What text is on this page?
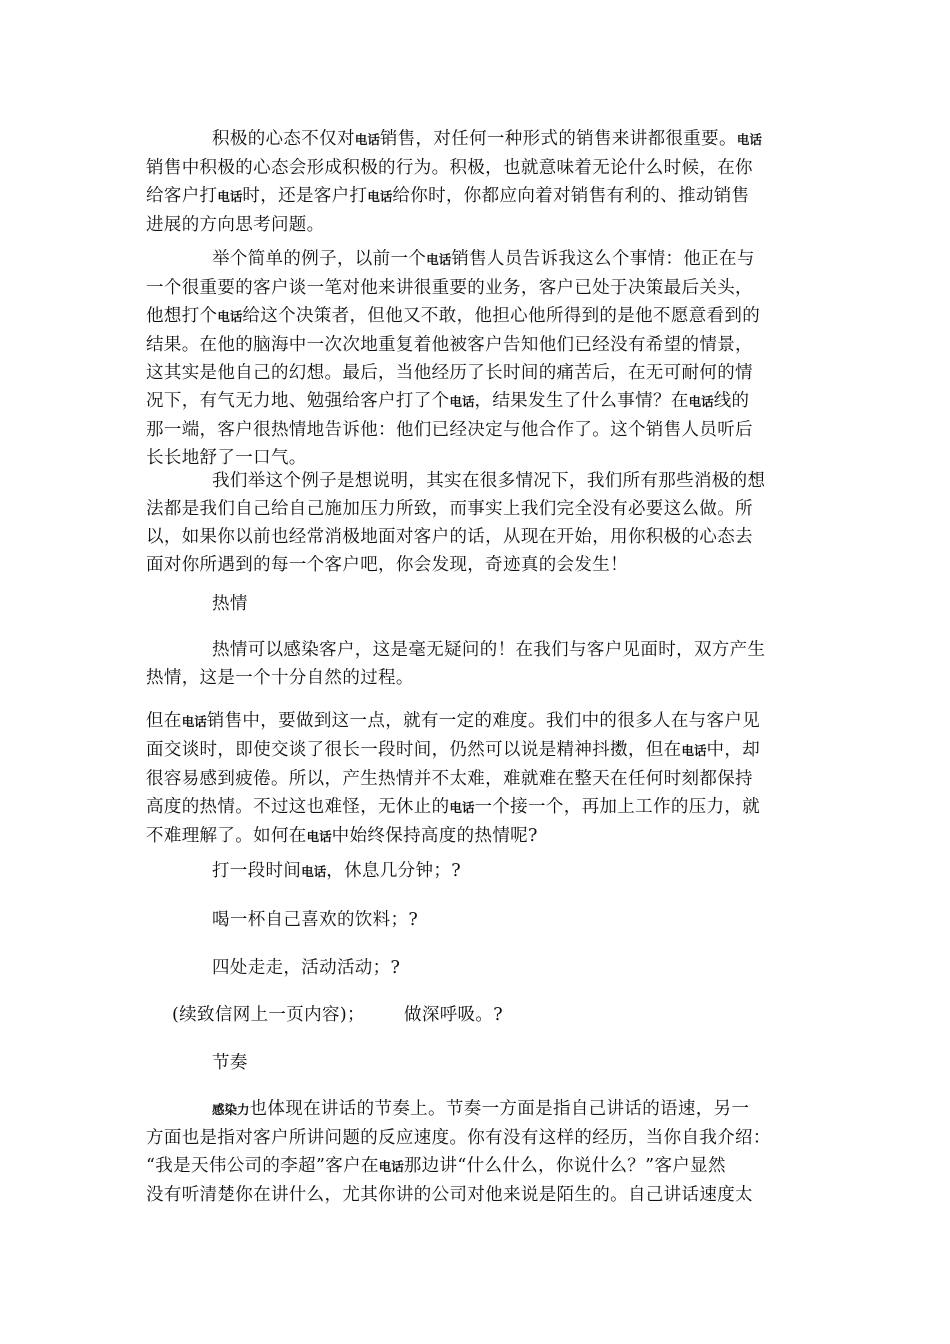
积极的心态不仅对电话销售，对任何一种形式的销售来讲都很重要。电话
销售中积极的心态会形成积极的行为。积极，也就意味着无论什么时候，在你
给客户打电话时，还是客户打电话给你时，你都应向着对销售有利的、推动销售
进展的方向思考问题。
举个简单的例子，以前一个电话销售人员告诉我这么个事情：他正在与
一个很重要的客户谈一笔对他来讲很重要的业务，客户已处于决策最后关头，
他想打个电话给这个决策者，但他又不敢，他担心他所得到的是他不愿意看到的
结果。在他的脑海中一次次地重复着他被客户告知他们已经没有希望的情景，
这其实是他自己的幻想。最后，当他经历了长时间的痛苦后，在无可耐何的情
况下，有气无力地、勉强给客户打了个电话，结果发生了什么事情？在电话线的
那一端，客户很热情地告诉他：他们已经决定与他合作了。这个销售人员听后
长长地舒了一口气。
我们举这个例子是想说明，其实在很多情况下，我们所有那些消极的想
法都是我们自己给自己施加压力所致，而事实上我们完全没有必要这么做。所
以，如果你以前也经常消极地面对客户的话，从现在开始，用你积极的心态去
面对你所遇到的每一个客户吧，你会发现，奇迹真的会发生！
热情
热情可以感染客户，这是毫无疑问的！在我们与客户见面时，双方产生
热情，这是一个十分自然的过程。
但在电话销售中，要做到这一点，就有一定的难度。我们中的很多人在与客户见
面交谈时，即使交谈了很长一段时间，仍然可以说是精神抖擞，但在电话中，却
很容易感到疲倦。所以，产生热情并不太难，难就难在整天在任何时刻都保持
高度的热情。不过这也难怪，无休止的电话一个接一个，再加上工作的压力，就
不难理解了。如何在电话中始终保持高度的热情呢?
打一段时间电话，休息几分钟；?
喝一杯自己喜欢的饮料；?
四处走走，活动活动；?
(续致信网上一页内容)； 做深呼吸。?
节奏
感染力也体现在讲话的节奏上。节奏一方面是指自己讲话的语速，另一
方面也是指对客户所讲问题的反应速度。你有没有这样的经历，当你自我介绍：
“我是天伟公司的李超”客户在电话那边讲“什么什么，你说什么？”客户显然
没有听清楚你在讲什么，尤其你讲的公司对他来说是陌生的。自己讲话速度太
